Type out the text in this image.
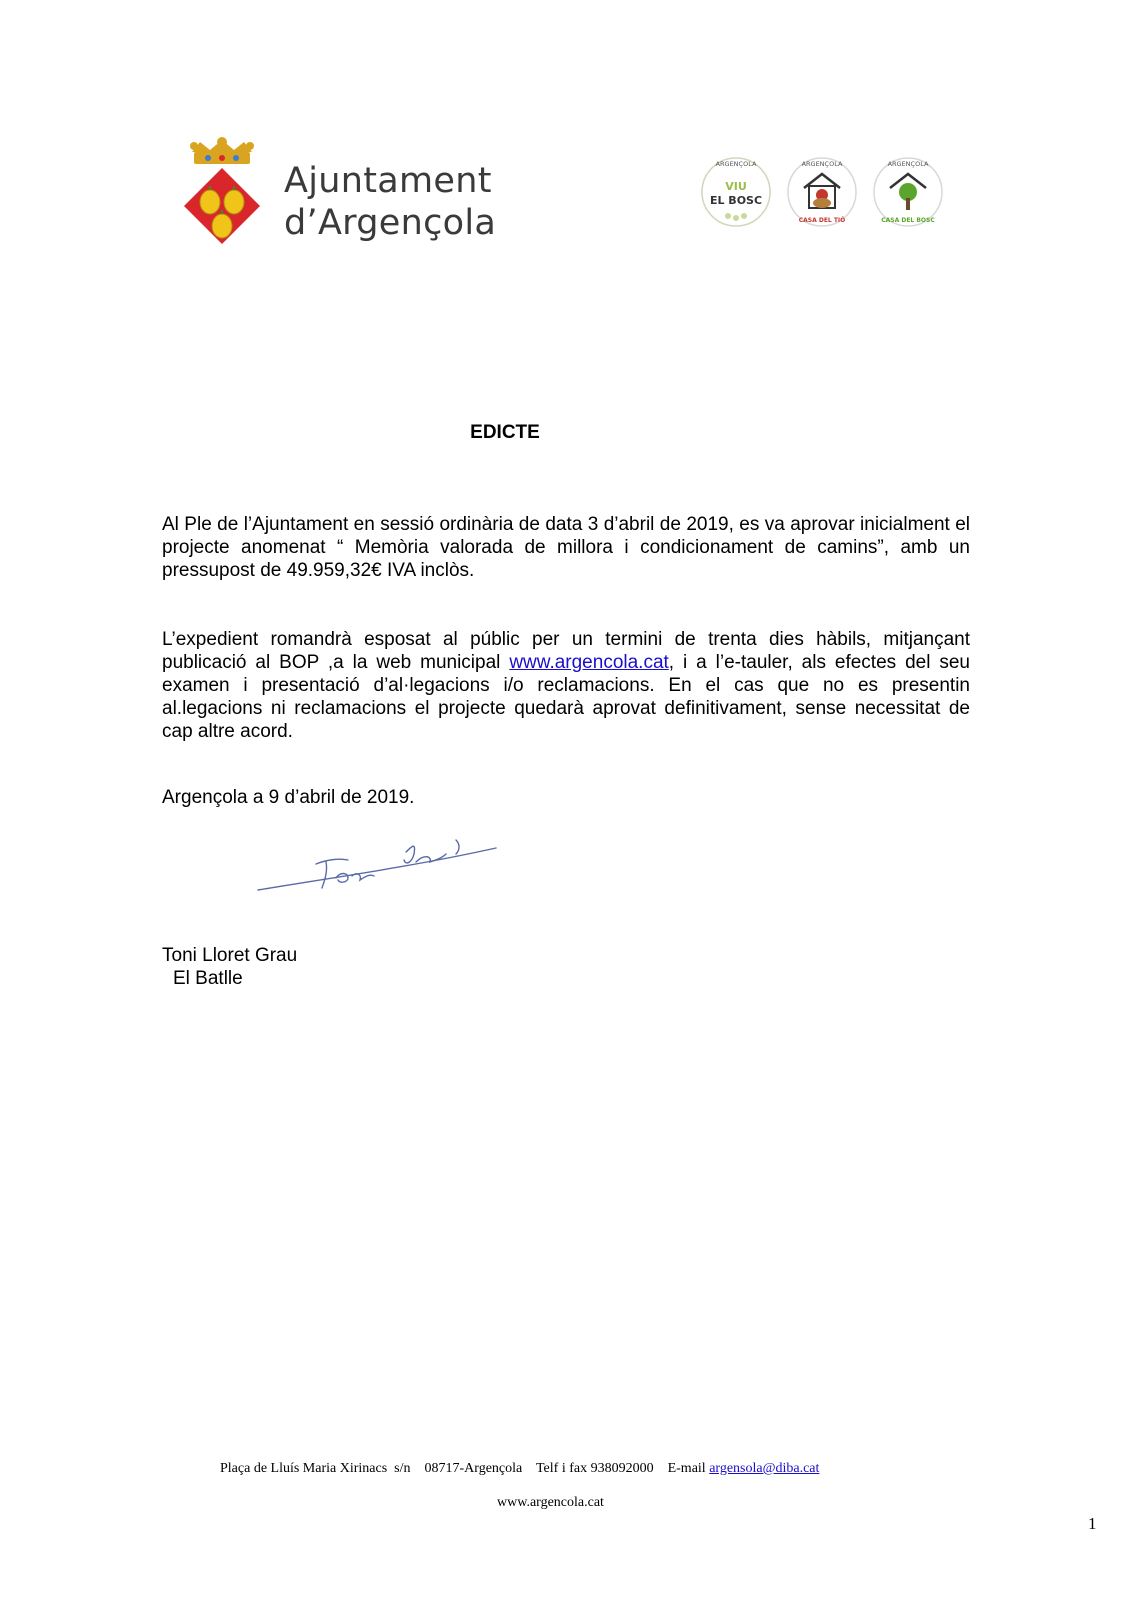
Ajuntament
d’Argençola
ARGENÇOLA
VIU
EL BOSC
ARGENÇOLA
CASA DEL TIÓ
ARGENÇOLA
CASA DEL BOSC
EDICTE
Al Ple de l’Ajuntament en sessió ordinària de data 3 d’abril de 2019, es va aprovar inicialment el projecte anomenat “ Memòria valorada de millora i condicionament de camins”, amb un pressupost de 49.959,32€ IVA inclòs.
L’expedient romandrà esposat al públic per un termini de trenta dies hàbils, mitjançant publicació al BOP ,a la web municipal www.argencola.cat, i a l’e-tauler, als efectes del seu examen i presentació d’al·legacions i/o reclamacions. En el cas que no es presentin al.legacions ni reclamacions el projecte quedarà aprovat definitivament, sense necessitat de cap altre acord.
Argençola a 9 d’abril de 2019.
Toni Lloret Grau
El Batlle
Plaça de Lluís Maria Xirinacs  s/n 08717-Argençola Telf i fax 938092000 E-mail argensola@diba.cat
www.argencola.cat
1
